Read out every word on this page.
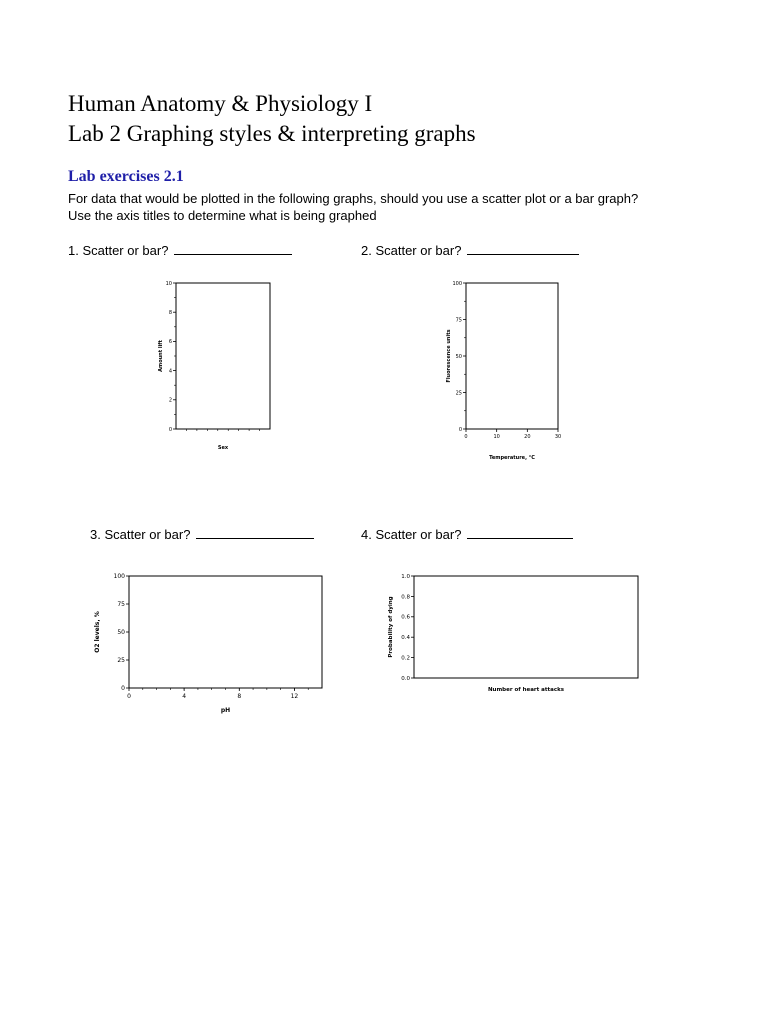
Human Anatomy & Physiology I
Lab 2 Graphing styles & interpreting graphs
Lab exercises 2.1
For data that would be plotted in the following graphs, should you use a scatter plot or a bar graph?
Use the axis titles to determine what is being graphed
1. Scatter or bar?	2. Scatter or bar?
3. Scatter or bar?	4. Scatter or bar?
0
2
4
6
8
10
Sex
Amount lift
0
25
50
75
100
0	10	20	30
Temperature, °C
Fluorescence units
0
25
50
75
100
0	4	8	12
pH
O2 levels, %
0.0
0.2
0.4
0.6
0.8
1.0
Number of heart attacks
Probability of dying
